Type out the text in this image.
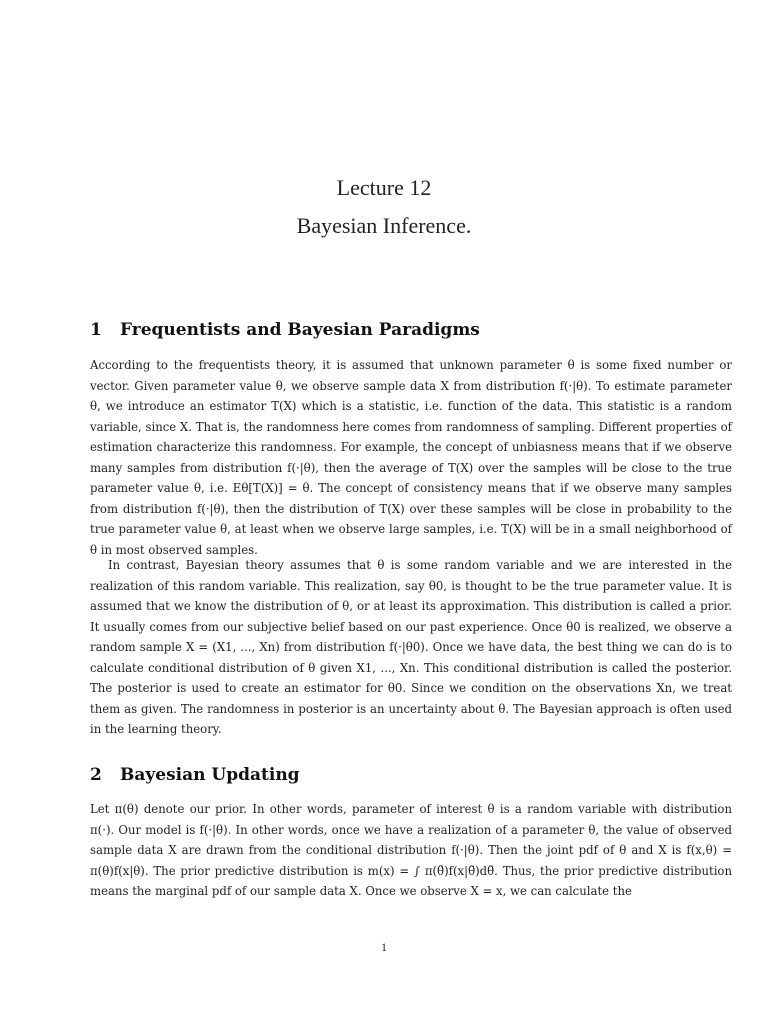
Lecture 12
Bayesian Inference.
1 Frequentists and Bayesian Paradigms
According to the frequentists theory, it is assumed that unknown parameter θ is some fixed number or vector. Given parameter value θ, we observe sample data X from distribution f(·|θ). To estimate parameter θ, we introduce an estimator T(X) which is a statistic, i.e. function of the data. This statistic is a random variable, since X. That is, the randomness here comes from randomness of sampling. Different properties of estimation characterize this randomness. For example, the concept of unbiasness means that if we observe many samples from distribution f(·|θ), then the average of T(X) over the samples will be close to the true parameter value θ, i.e. Eθ[T(X)] = θ. The concept of consistency means that if we observe many samples from distribution f(·|θ), then the distribution of T(X) over these samples will be close in probability to the true parameter value θ, at least when we observe large samples, i.e. T(X) will be in a small neighborhood of θ in most observed samples.
In contrast, Bayesian theory assumes that θ is some random variable and we are interested in the realization of this random variable. This realization, say θ0, is thought to be the true parameter value. It is assumed that we know the distribution of θ, or at least its approximation. This distribution is called a prior. It usually comes from our subjective belief based on our past experience. Once θ0 is realized, we observe a random sample X = (X1, ..., Xn) from distribution f(·|θ0). Once we have data, the best thing we can do is to calculate conditional distribution of θ given X1, ..., Xn. This conditional distribution is called the posterior. The posterior is used to create an estimator for θ0. Since we condition on the observations Xn, we treat them as given. The randomness in posterior is an uncertainty about θ. The Bayesian approach is often used in the learning theory.
2 Bayesian Updating
Let π(θ) denote our prior. In other words, parameter of interest θ is a random variable with distribution π(·). Our model is f(·|θ). In other words, once we have a realization of a parameter θ, the value of observed sample data X are drawn from the conditional distribution f(·|θ). Then the joint pdf of θ and X is f(x,θ) = π(θ)f(x|θ). The prior predictive distribution is m(x) = ∫ π(θ̃)f(x|θ̃)dθ̃. Thus, the prior predictive distribution means the marginal pdf of our sample data X. Once we observe X = x, we can calculate the
1
